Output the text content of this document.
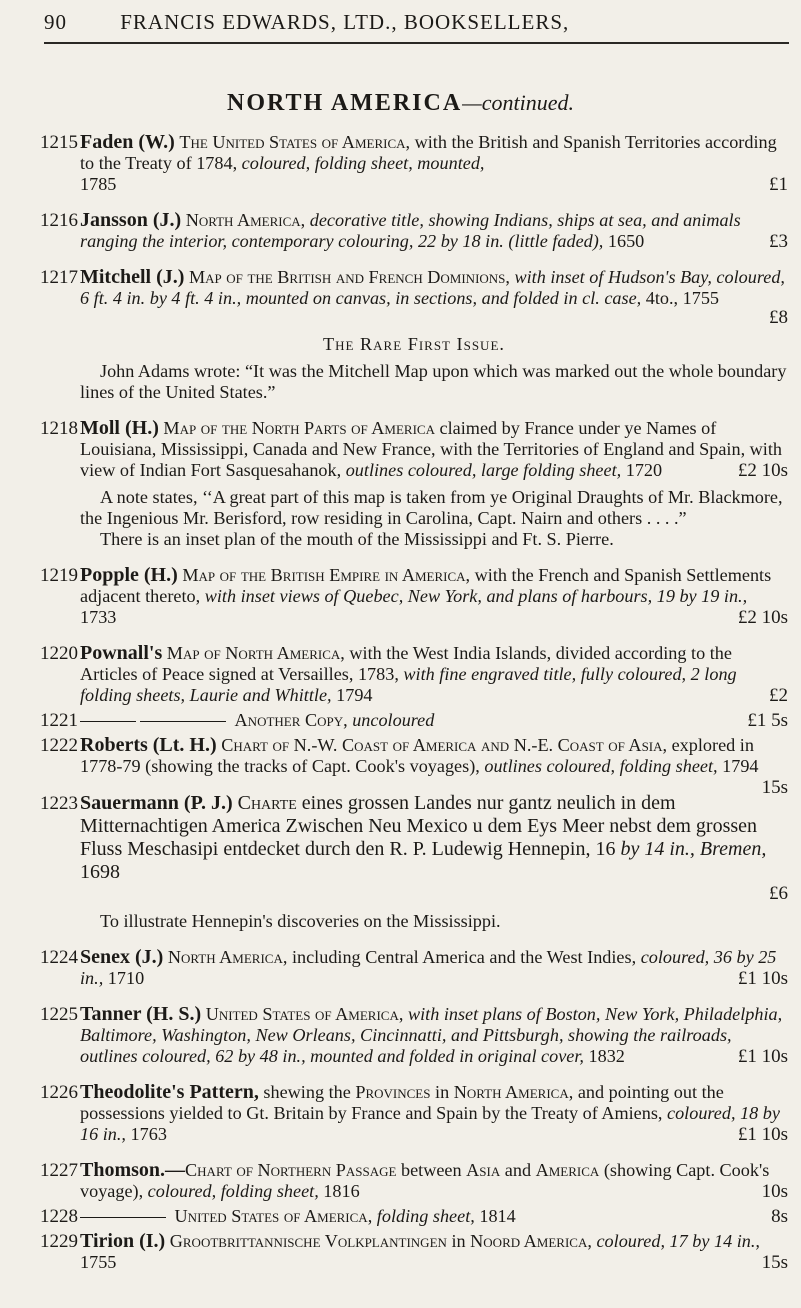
90	FRANCIS EDWARDS, LTD., BOOKSELLERS,
NORTH AMERICA—continued.
1215 Faden (W.) The United States of America, with the British and Spanish Territories according to the Treaty of 1784, coloured, folding sheet, mounted,
1785	£1
1216 Jansson (J.) North America, decorative title, showing Indians, ships at sea, and animals ranging the interior, contemporary colouring, 22 by 18 in. (little faded), 1650	£3
1217 Mitchell (J.) Map of the British and French Dominions, with inset of Hudson's Bay, coloured, 6 ft. 4 in. by 4 ft. 4 in., mounted on canvas, in sections, and folded in cl. case, 4to., 1755
£8
The Rare First Issue.
John Adams wrote: “It was the Mitchell Map upon which was marked out the whole boundary lines of the United States.”
1218 Moll (H.) Map of the North Parts of America claimed by France under ye Names of Louisiana, Mississippi, Canada and New France, with the Territories of England and Spain, with view of Indian Fort Sasquesahanok, outlines coloured, large folding sheet, 1720	£2 10s
A note states, ‘‘A great part of this map is taken from ye Original Draughts of Mr. Blackmore, the Ingenious Mr. Berisford, row residing in Carolina, Capt. Nairn and others . . . .”
There is an inset plan of the mouth of the Mississippi and Ft. S. Pierre.
1219 Popple (H.) Map of the British Empire in America, with the French and Spanish Settlements adjacent thereto, with inset views of Quebec, New York, and plans of harbours, 19 by 19 in., 1733	£2 10s
1220 Pownall's Map of North America, with the West India Islands, divided according to the Articles of Peace signed at Versailles, 1783, with fine engraved title, fully coloured, 2 long folding sheets, Laurie and Whittle, 1794	£2
1221	Another Copy, uncoloured	£1 5s
1222 Roberts (Lt. H.) Chart of N.-W. Coast of America and N.-E. Coast of Asia, explored in 1778-79 (showing the tracks of Capt. Cook's voyages), outlines coloured, folding sheet, 1794
15s
1223 Sauermann (P. J.) Charte eines grossen Landes nur gantz neulich in dem Mitternachtigen America Zwischen Neu Mexico u dem Eys Meer nebst dem grossen Fluss Meschasipi entdecket durch den R. P. Ludewig Hennepin, 16 by 14 in., Bremen, 1698
£6
To illustrate Hennepin's discoveries on the Mississippi.
1224 Senex (J.) North America, including Central America and the West Indies, coloured, 36 by 25 in., 1710	£1 10s
1225 Tanner (H. S.) United States of America, with inset plans of Boston, New York, Philadelphia, Baltimore, Washington, New Orleans, Cincinnatti, and Pittsburgh, showing the railroads, outlines coloured, 62 by 48 in., mounted and folded in original cover, 1832	£1 10s
1226 Theodolite's Pattern, shewing the Provinces in North America, and pointing out the possessions yielded to Gt. Britain by France and Spain by the Treaty of Amiens, coloured, 18 by 16 in., 1763	£1 10s
1227 Thomson.—Chart of Northern Passage between Asia and America (showing Capt. Cook's voyage), coloured, folding sheet, 1816	10s
1228	United States of America, folding sheet, 1814	8s
1229 Tirion (I.) Grootbrittannische Volkplantingen in Noord America, coloured, 17 by 14 in., 1755	15s
